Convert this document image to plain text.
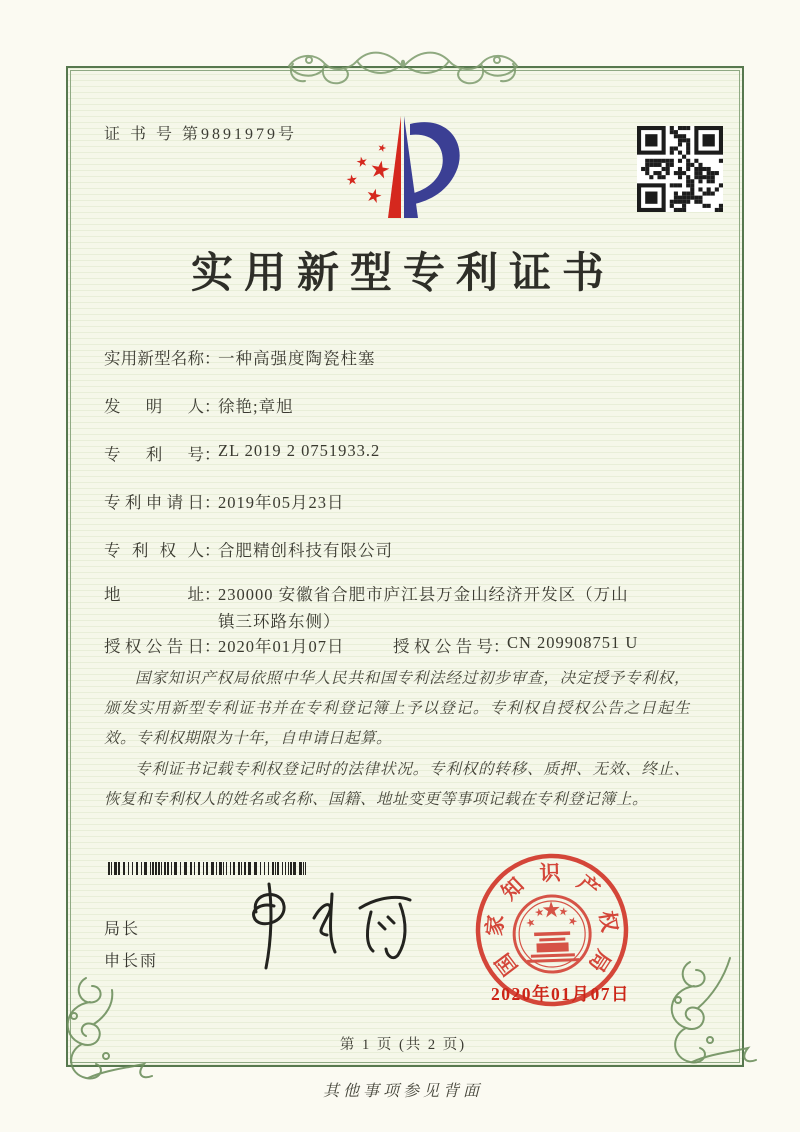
证 书 号 第9891979号
实用新型专利证书
实用新型名称：一种高强度陶瓷柱塞
发明人：徐艳;章旭
专利号：ZL 2019 2 0751933.2
专利申请日：2019年05月23日
专利权人：合肥精创科技有限公司
地址：230000 安徽省合肥市庐江县万金山经济开发区（万山镇三环路东侧）
授权公告日：2020年01月07日	授权公告号：CN 209908751 U

国家知识产权局依照中华人民共和国专利法经过初步审查，决定授予专利权，颁发实用新型专利证书并在专利登记簿上予以登记。专利权自授权公告之日起生效。专利权期限为十年，自申请日起算。

专利证书记载专利权登记时的法律状况。专利权的转移、质押、无效、终止、恢复和专利权人的姓名或名称、国籍、地址变更等事项记载在专利登记簿上。

局长
申长雨	国
家
知 识 产
权
局
2020年01月07日
第 1 页 (共 2 页)
其他事项参见背面
